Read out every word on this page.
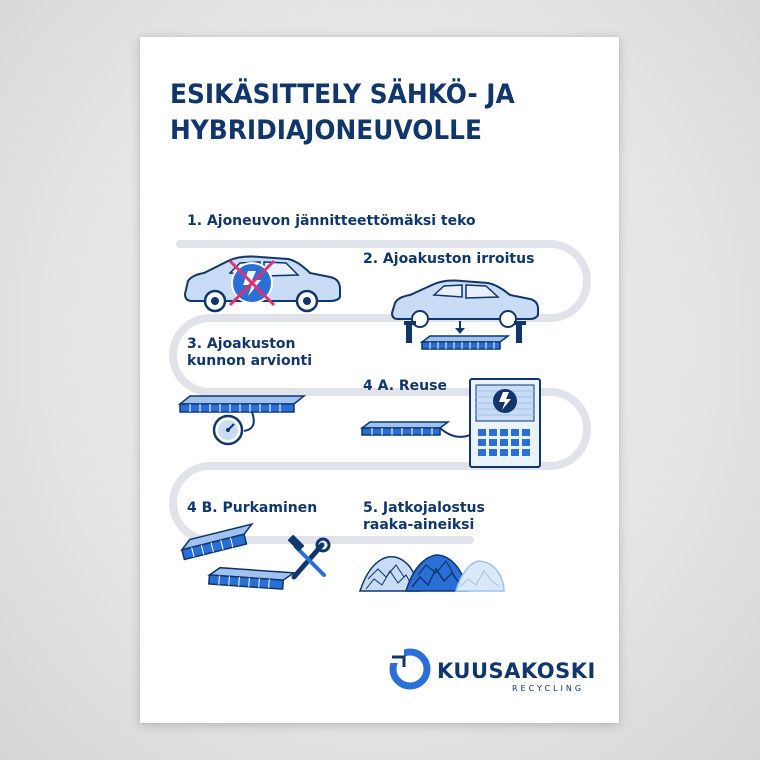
ESIKÄSITTELY SÄHKÖ- JA
HYBRIDIAJONEUVOLLE
1. Ajoneuvon jännitteettömäksi teko
2. Ajoakuston irroitus
3. Ajoakuston
kunnon arvionti
4 A. Reuse
4 B. Purkaminen	5. Jatkojalostus
raaka-aineiksi
KUUSAKOSKI
RECYCLING
